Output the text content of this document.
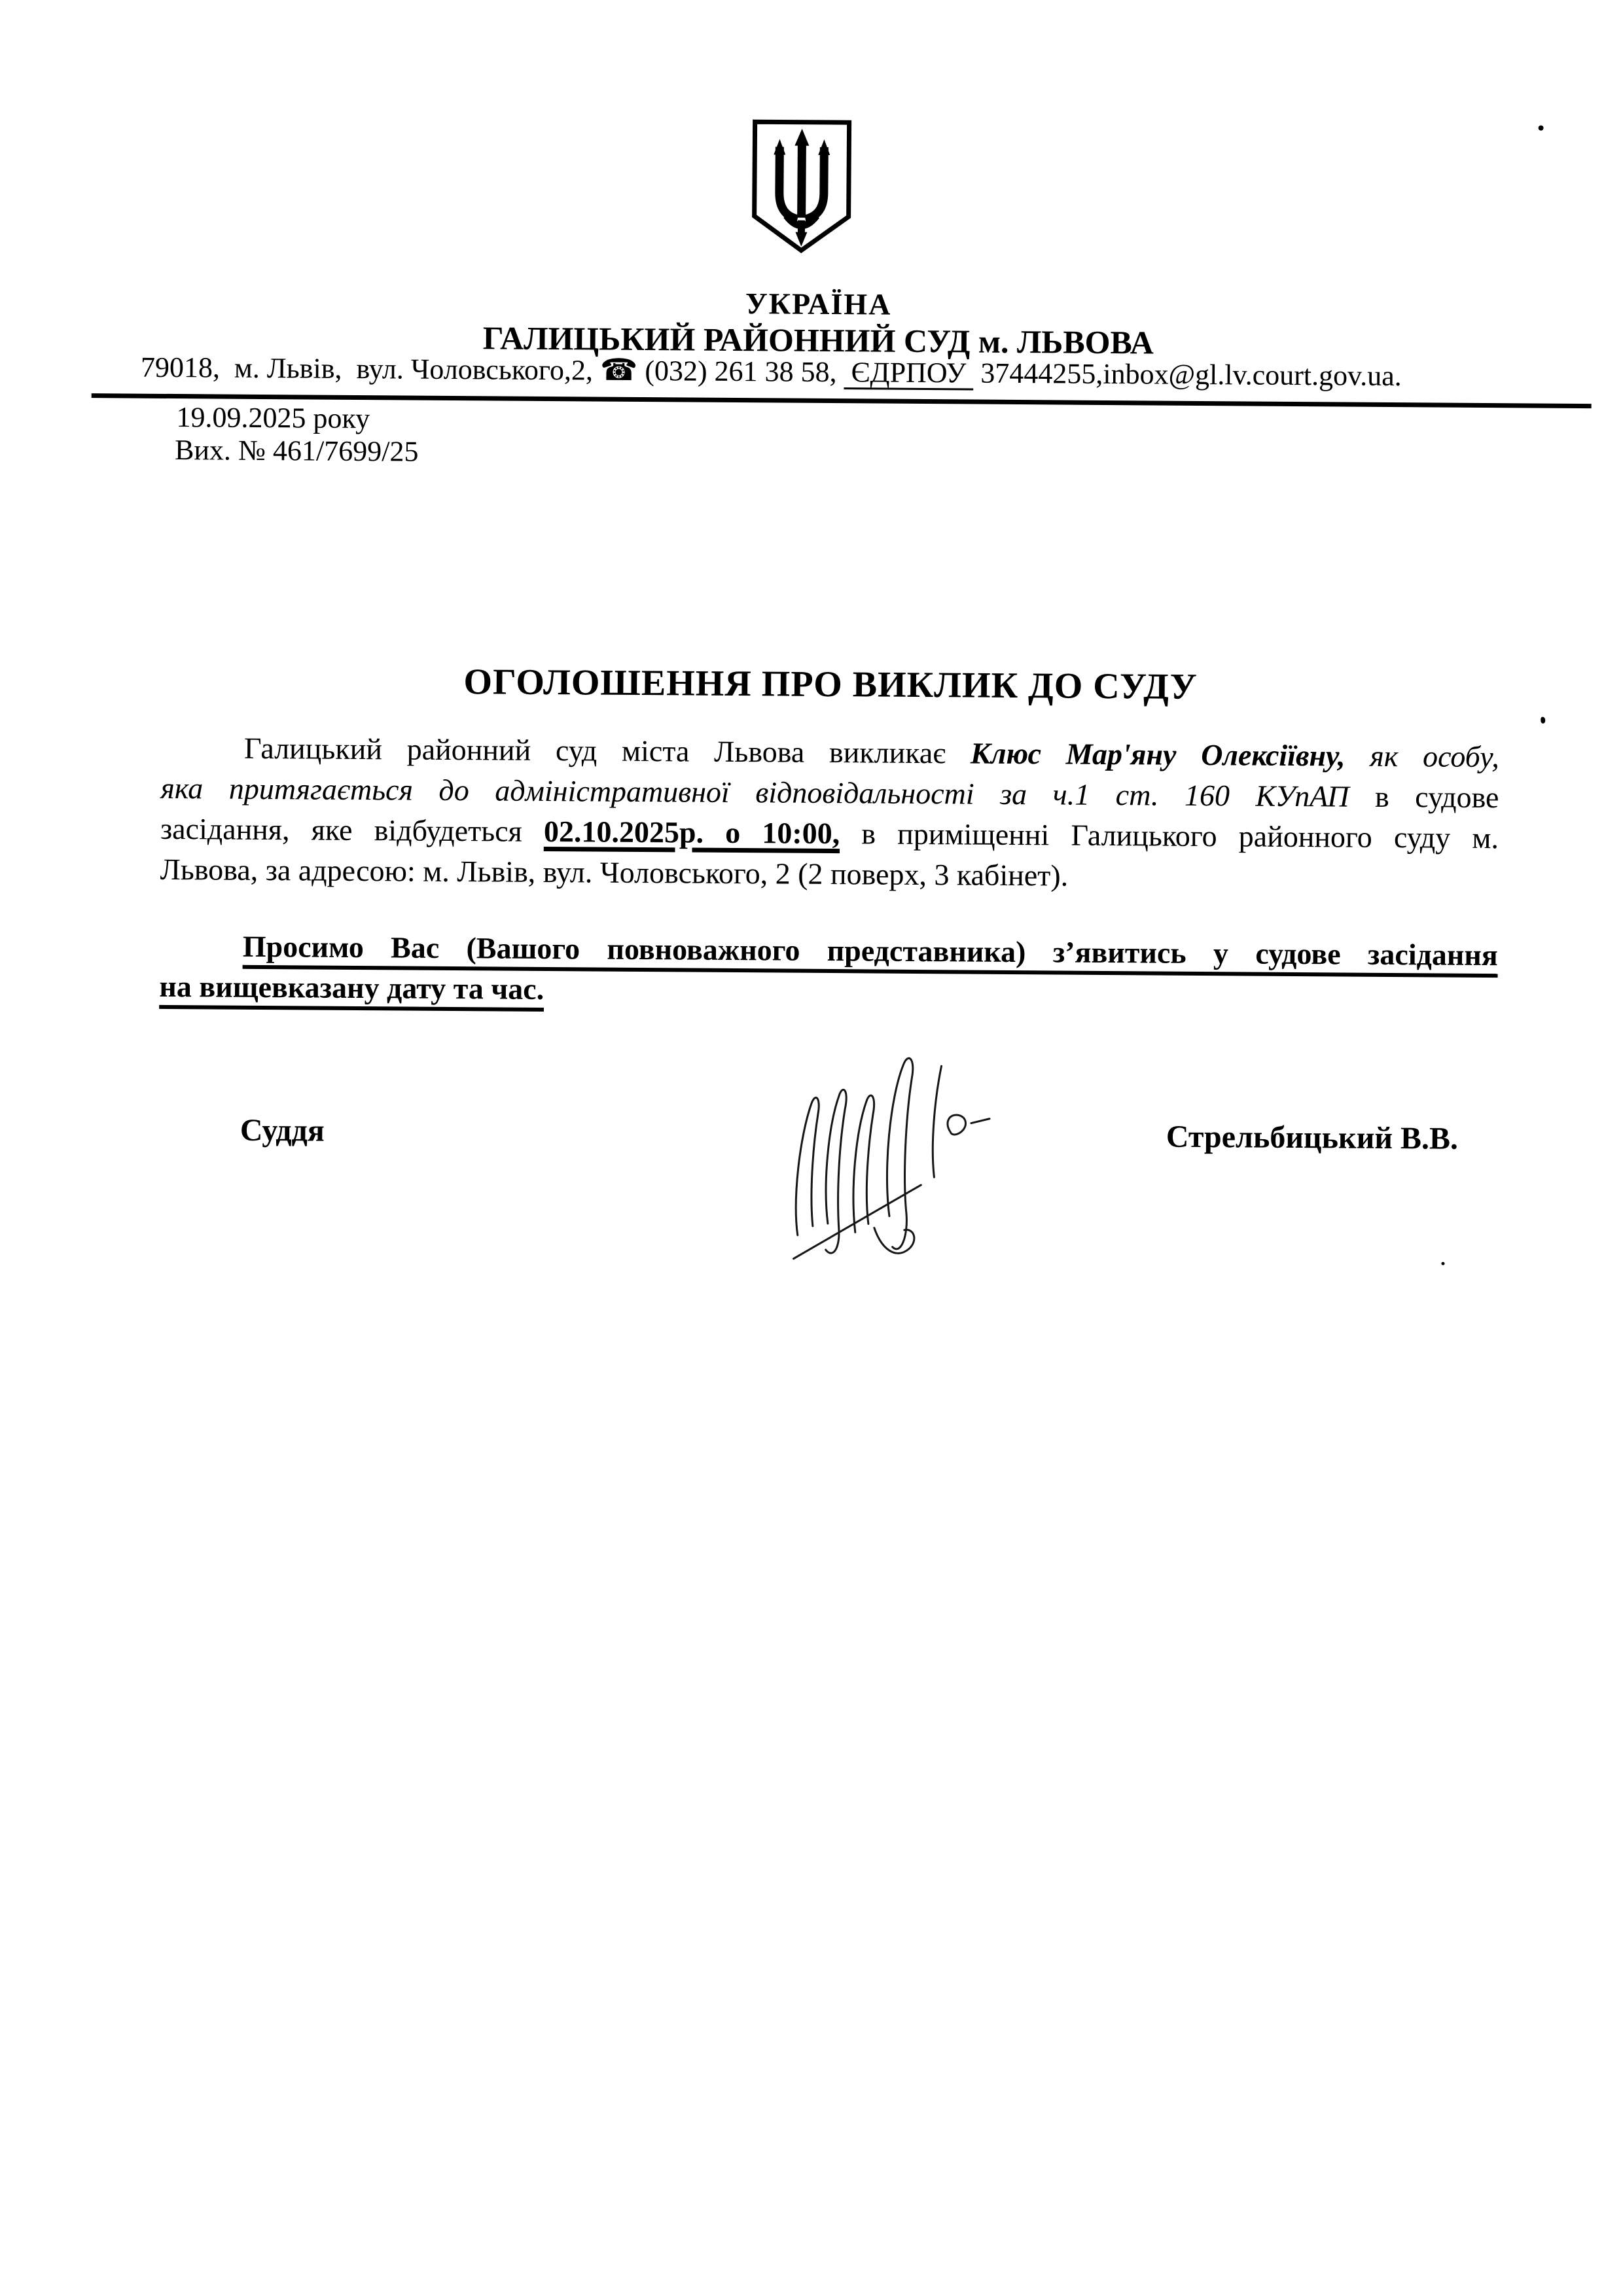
УКРАЇНА
ГАЛИЦЬКИЙ РАЙОННИЙ СУД м. ЛЬВОВА
79018,  м. Львів,  вул. Чоловського,2, ☎ (032) 261 38 58,  ЄДРПОУ  37444255,inbox@gl.lv.court.gov.ua.
19.09.2025 року
Вих. № 461/7699/25
ОГОЛОШЕННЯ ПРО ВИКЛИК ДО СУДУ
Галицький районний суд міста Львова викликає Клюс Мар'яну Олексіївну, як особу,
яка притягається до адміністративної відповідальності за ч.1 ст. 160 КУпАП в судове
засідання, яке відбудеться 02.10.2025р. о 10:00, в приміщенні Галицького районного суду м.
Львова, за адресою: м. Львів, вул. Чоловського, 2 (2 поверх, 3 кабінет).
Просимо Вас (Вашого повноважного представника) з’явитись у судове засідання
на вищевказану дату та час.
Суддя	Стрельбицький В.В.
